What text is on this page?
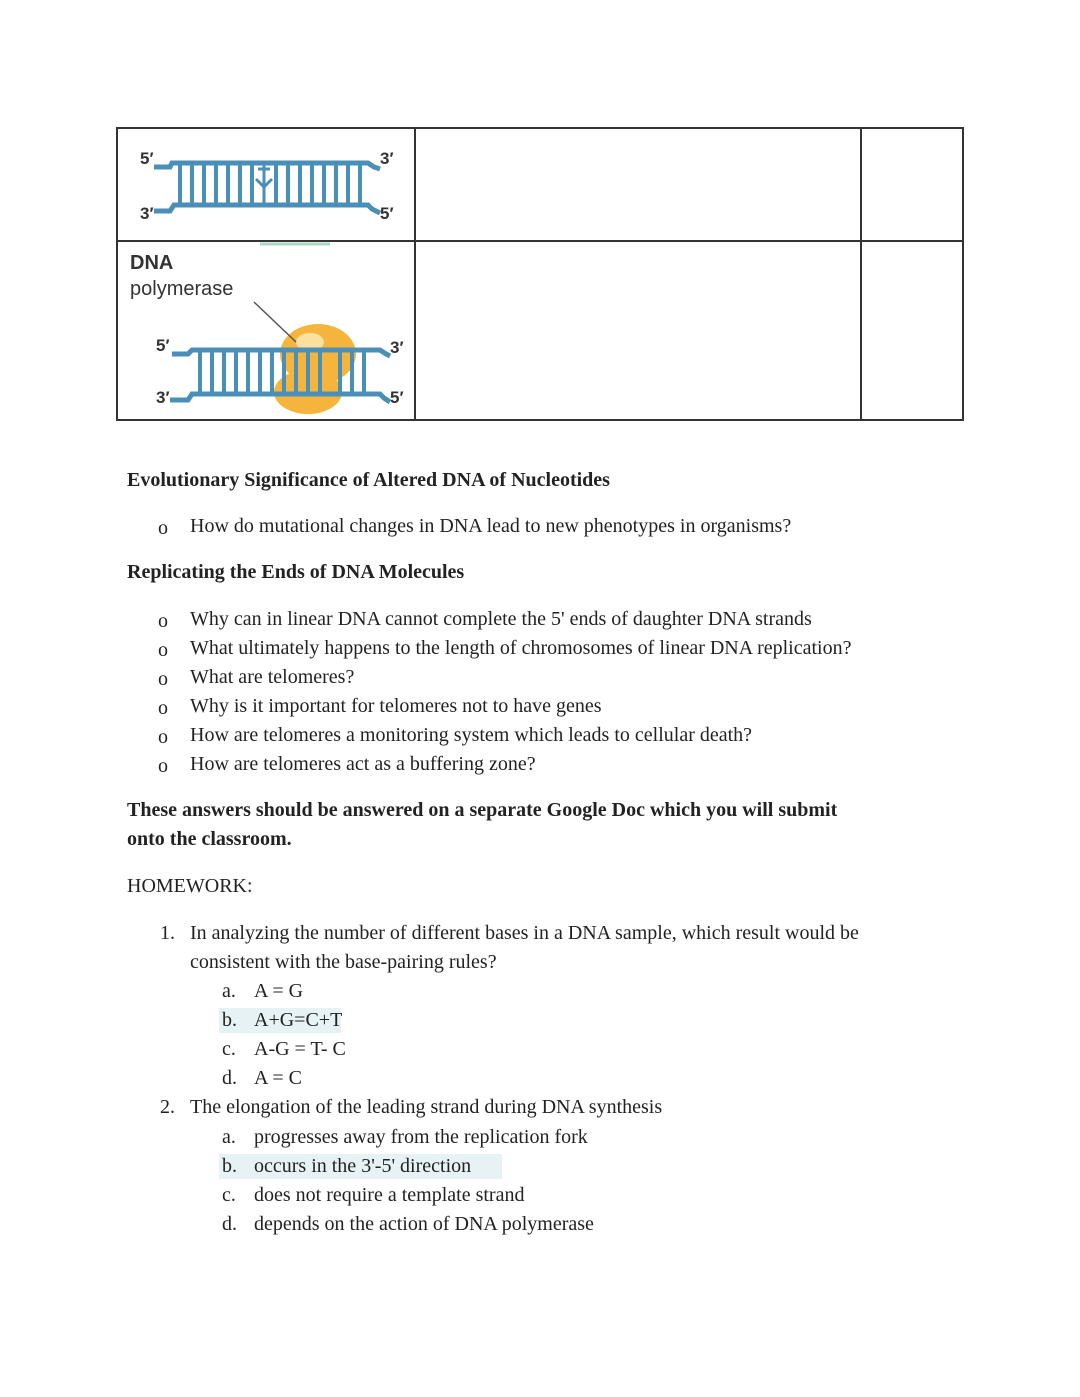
5′	3′
3′	5′
DNA
polymerase
5′	3′
3′	5′
Evolutionary Significance of Altered DNA of Nucleotides
o How do mutational changes in DNA lead to new phenotypes in organisms?
Replicating the Ends of DNA Molecules
o Why can in linear DNA cannot complete the 5' ends of daughter DNA strands
o What ultimately happens to the length of chromosomes of linear DNA replication?
o What are telomeres?
o Why is it important for telomeres not to have genes
o How are telomeres a monitoring system which leads to cellular death?
o How are telomeres act as a buffering zone?
These answers should be answered on a separate Google Doc which you will submit
onto the classroom.
HOMEWORK:
1. In analyzing the number of different bases in a DNA sample, which result would be
consistent with the base-pairing rules?
a. A = G
b. A+G=C+T
c. A-G = T- C
d. A = C
2. The elongation of the leading strand during DNA synthesis
a. progresses away from the replication fork
b. occurs in the 3'-5' direction
c. does not require a template strand
d. depends on the action of DNA polymerase
